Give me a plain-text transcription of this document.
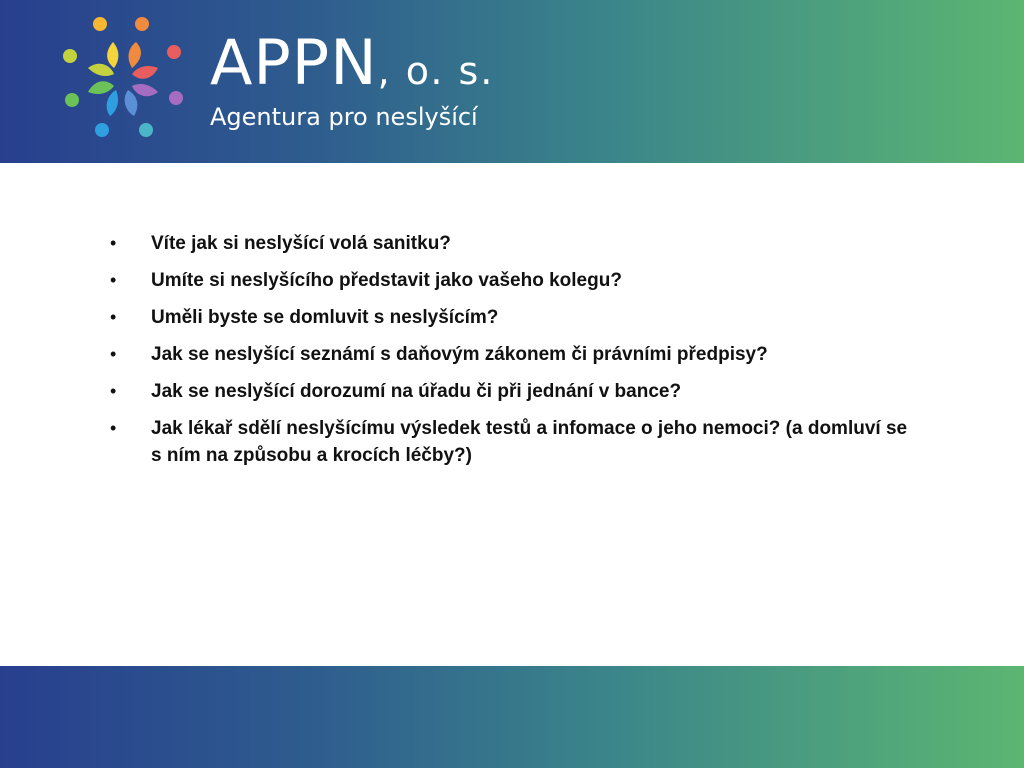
APPN, o. s.
Agentura pro neslyšící
• Víte jak si neslyšící volá sanitku?
• Umíte si neslyšícího představit jako vašeho kolegu?
• Uměli byste se domluvit s neslyšícím?
• Jak se neslyšící seznámí s daňovým zákonem či právními předpisy?
• Jak se neslyšící dorozumí na úřadu či při jednání v bance?
• Jak lékař sdělí neslyšícímu výsledek testů a infomace o jeho nemoci? (a domluví se s ním na způsobu a krocích léčby?)
